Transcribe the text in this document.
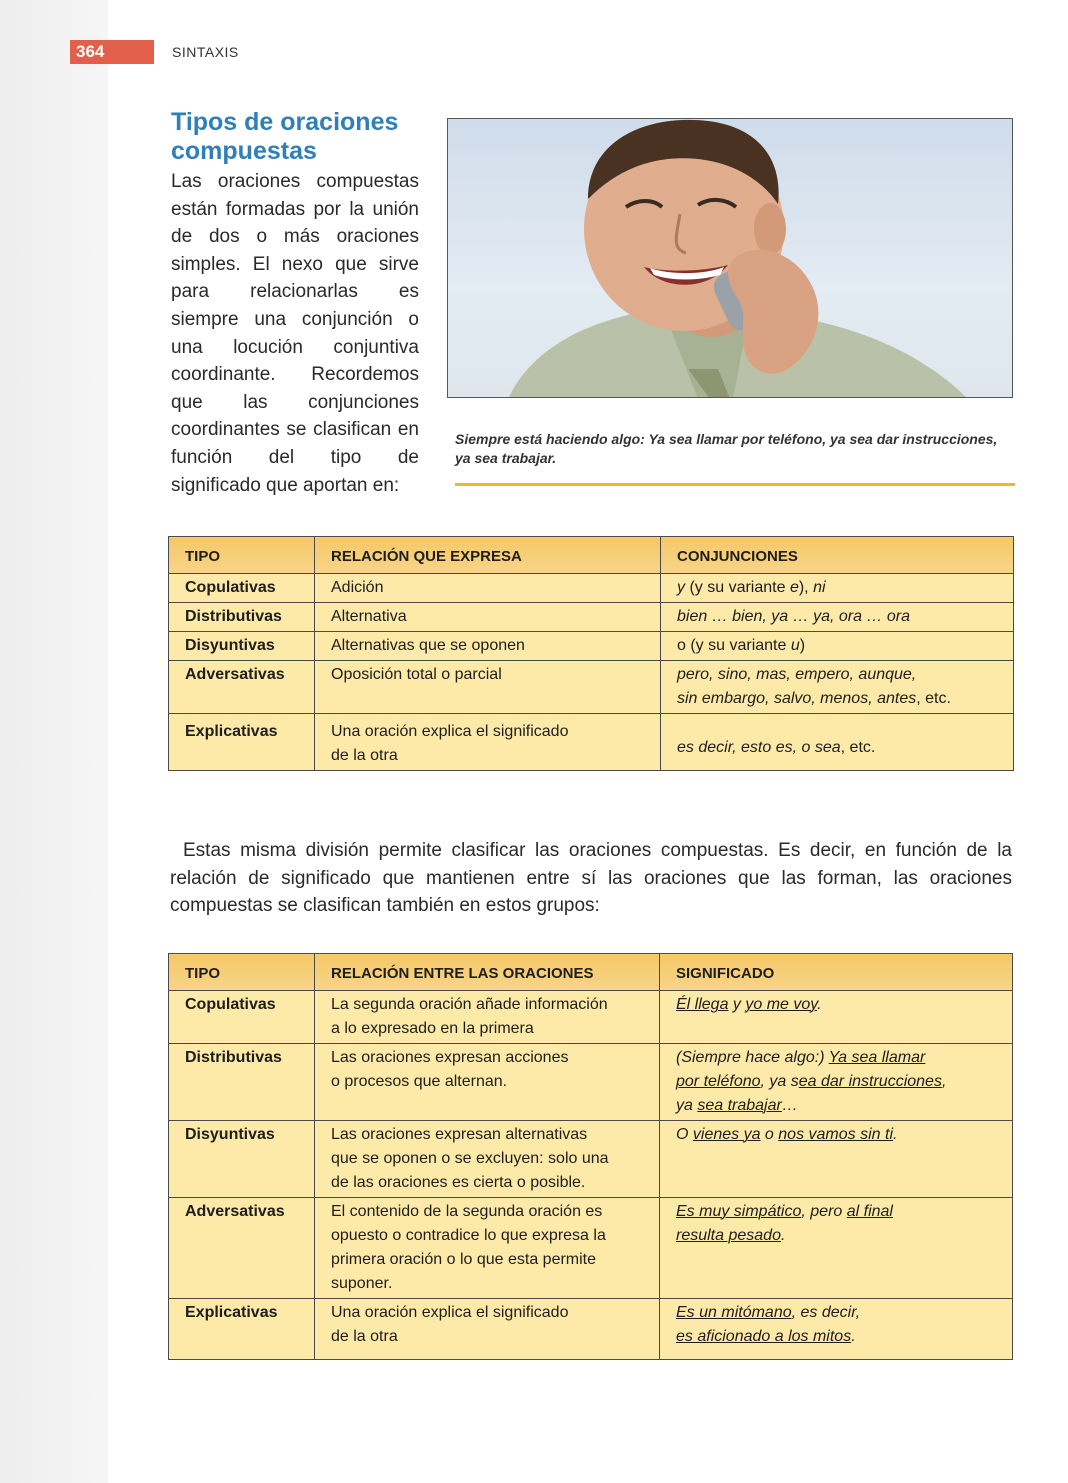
364	SINTAXIS
Tipos de oraciones compuestas

Las oraciones compuestas están formadas por la unión de dos o más oraciones simples. El nexo que sirve para relacionarlas es siempre una conjunción o una locución conjuntiva coordinante. Recordemos que las conjunciones coordinantes se clasifican en función del tipo de significado que aportan en:

Siempre está haciendo algo: Ya sea llamar por teléfono, ya sea dar instrucciones, ya sea trabajar.

TIPO	RELACIÓN QUE EXPRESA	CONJUNCIONES
Copulativas	Adición	y (y su variante e), ni
Distributivas	Alternativa	bien … bien, ya … ya, ora … ora
Disyuntivas	Alternativas que se oponen	o (y su variante u)
Adversativas	Oposición total o parcial	pero, sino, mas, empero, aunque,
sin embargo, salvo, menos, antes, etc.
Explicativas	Una oración explica el significado
de la otra	es decir, esto es, o sea, etc.

Estas misma división permite clasificar las oraciones compuestas. Es decir, en función de la relación de significado que mantienen entre sí las oraciones que las forman, las oraciones compuestas se clasifican también en estos grupos:

TIPO	RELACIÓN ENTRE LAS ORACIONES	SIGNIFICADO
Copulativas	La segunda oración añade información
a lo expresado en la primera	Él llega y yo me voy.
Distributivas	Las oraciones expresan acciones
o procesos que alternan.	(Siempre hace algo:) Ya sea llamar
por teléfono, ya sea dar instrucciones,
ya sea trabajar…
Disyuntivas	Las oraciones expresan alternativas
que se oponen o se excluyen: solo una
de las oraciones es cierta o posible.	O vienes ya o nos vamos sin ti.
Adversativas	El contenido de la segunda oración es
opuesto o contradice lo que expresa la
primera oración o lo que esta permite
suponer.	Es muy simpático, pero al final
resulta pesado.
Explicativas	Una oración explica el significado
de la otra	Es un mitómano, es decir,
es aficionado a los mitos.
